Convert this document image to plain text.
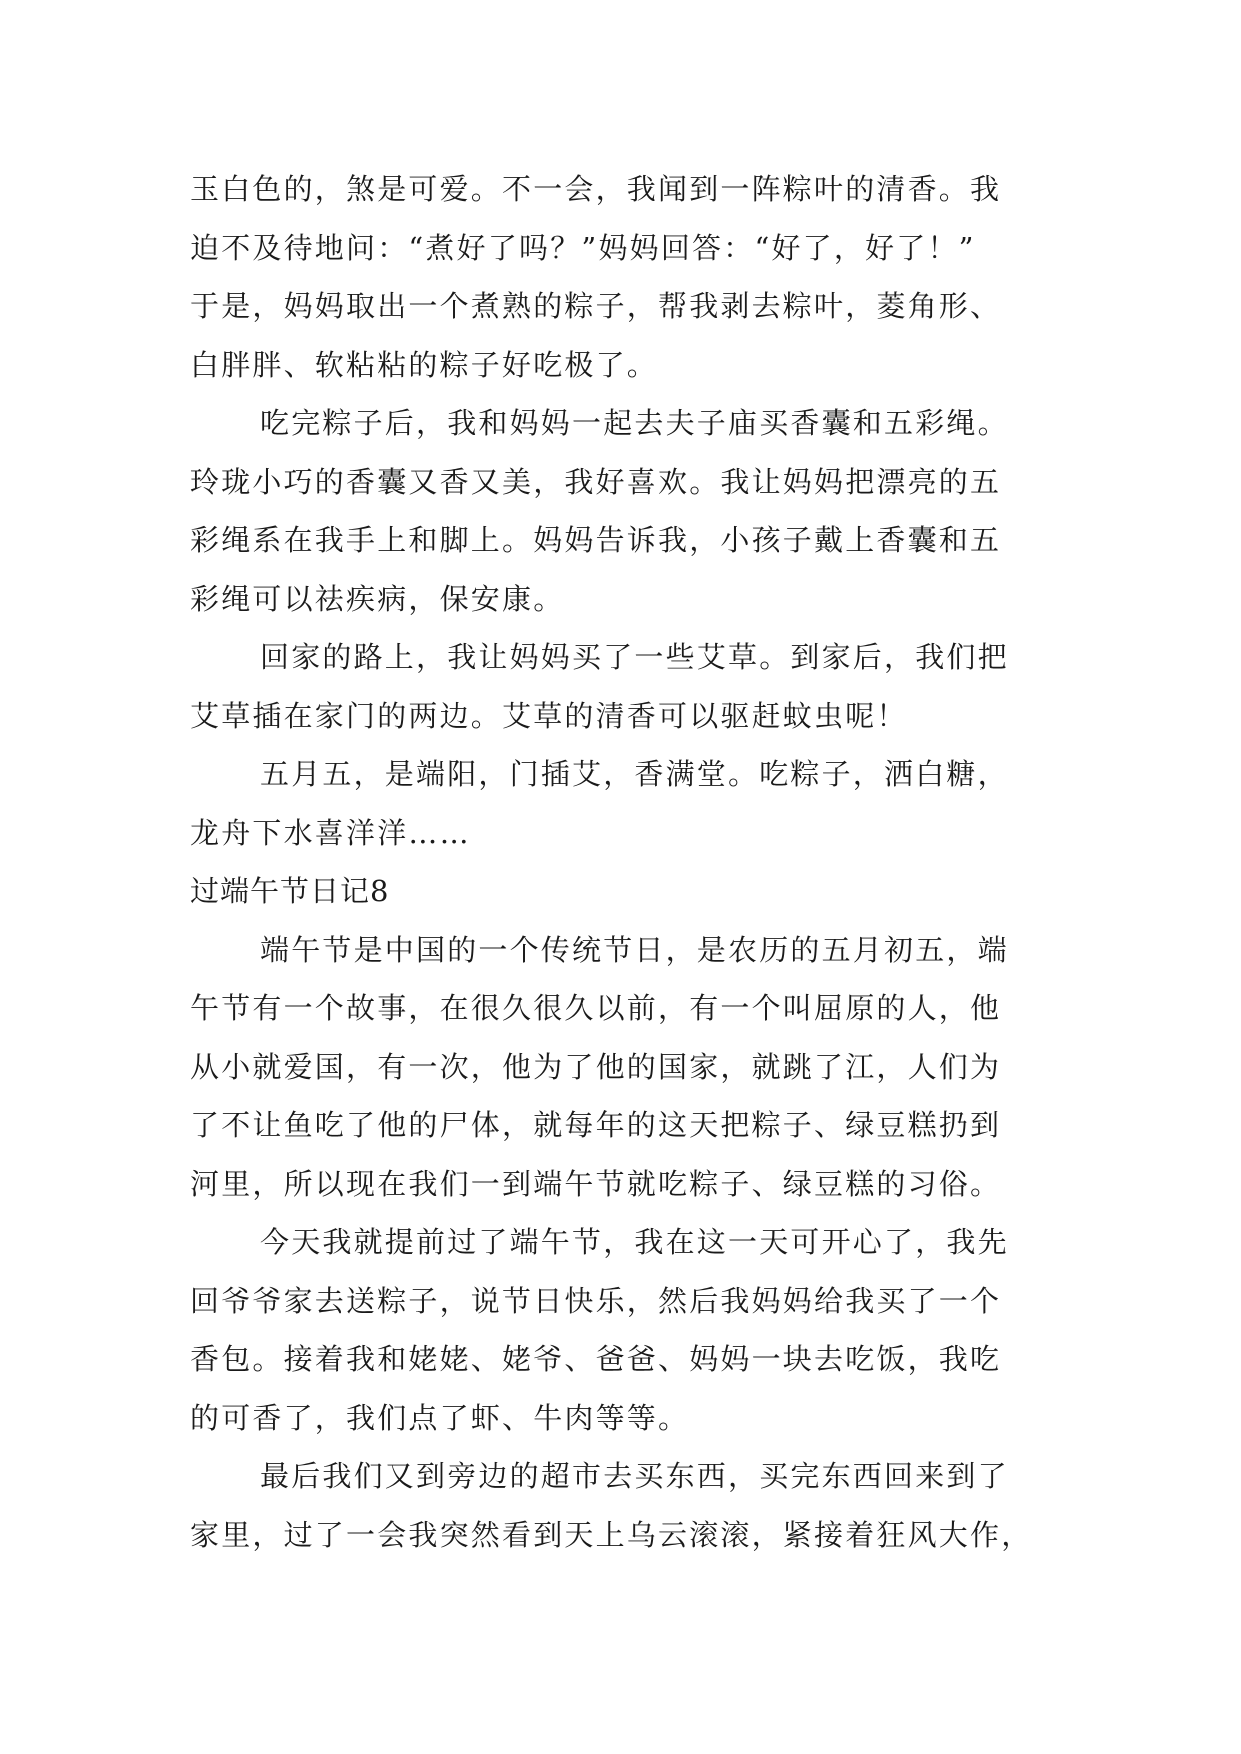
玉白色的，煞是可爱。不一会，我闻到一阵粽叶的清香。我
迫不及待地问：“煮好了吗？”妈妈回答：“好了，好了！”
于是，妈妈取出一个煮熟的粽子，帮我剥去粽叶，菱角形、
白胖胖、软粘粘的粽子好吃极了。
吃完粽子后，我和妈妈一起去夫子庙买香囊和五彩绳。
玲珑小巧的香囊又香又美，我好喜欢。我让妈妈把漂亮的五
彩绳系在我手上和脚上。妈妈告诉我，小孩子戴上香囊和五
彩绳可以祛疾病，保安康。
回家的路上，我让妈妈买了一些艾草。到家后，我们把
艾草插在家门的两边。艾草的清香可以驱赶蚊虫呢！
五月五，是端阳，门插艾，香满堂。吃粽子，洒白糖，
龙舟下水喜洋洋……
过端午节日记8
端午节是中国的一个传统节日，是农历的五月初五，端
午节有一个故事，在很久很久以前，有一个叫屈原的人，他
从小就爱国，有一次，他为了他的国家，就跳了江，人们为
了不让鱼吃了他的尸体，就每年的这天把粽子、绿豆糕扔到
河里，所以现在我们一到端午节就吃粽子、绿豆糕的习俗。
今天我就提前过了端午节，我在这一天可开心了，我先
回爷爷家去送粽子，说节日快乐，然后我妈妈给我买了一个
香包。接着我和姥姥、姥爷、爸爸、妈妈一块去吃饭，我吃
的可香了，我们点了虾、牛肉等等。
最后我们又到旁边的超市去买东西，买完东西回来到了
家里，过了一会我突然看到天上乌云滚滚，紧接着狂风大作，
